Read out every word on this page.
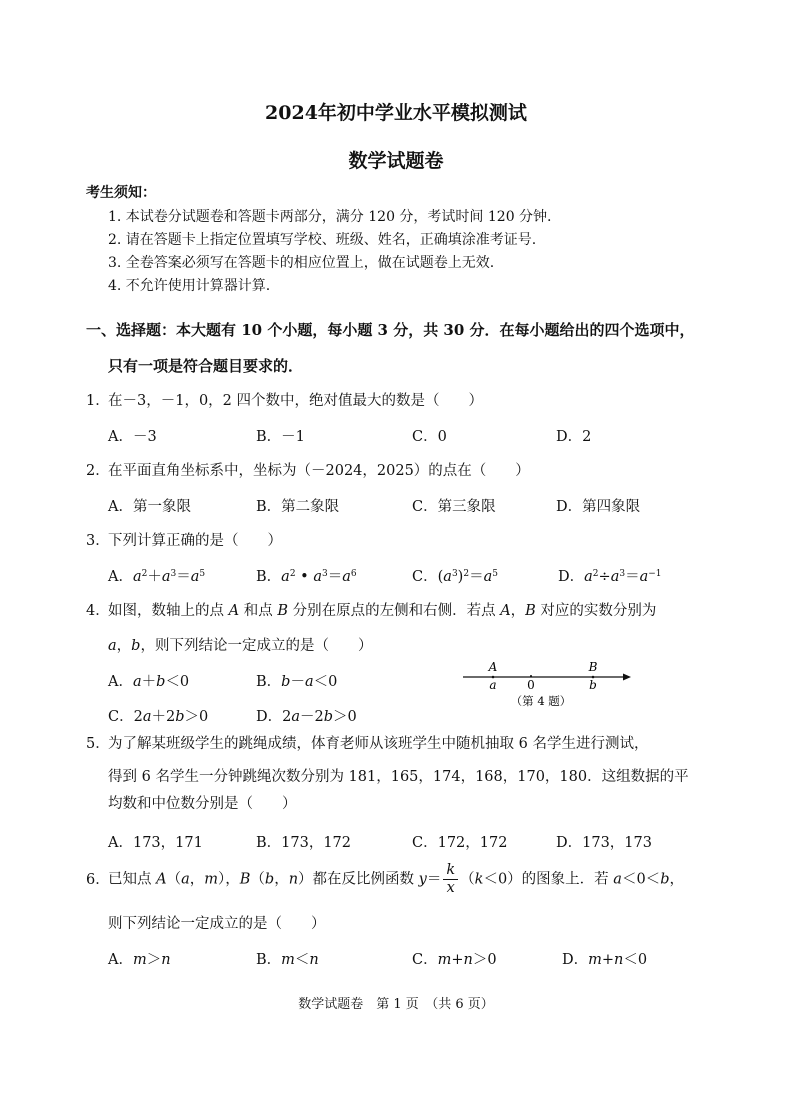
2024年初中学业水平模拟测试
数学试题卷
考生须知：
1. 本试卷分试题卷和答题卡两部分，满分 120 分，考试时间 120 分钟.
2. 请在答题卡上指定位置填写学校、班级、姓名，正确填涂准考证号.
3. 全卷答案必须写在答题卡的相应位置上，做在试题卷上无效.
4. 不允许使用计算器计算.
一、选择题：本大题有 10 个小题，每小题 3 分，共 30 分．在每小题给出的四个选项中，
只有一项是符合题目要求的．
1．在－3，－1，0，2 四个数中，绝对值最大的数是（　　）
A．－3	B．－1	C．0	D．2
2．在平面直角坐标系中，坐标为（－2024，2025）的点在（　　）
A．第一象限	B．第二象限	C．第三象限	D．第四象限
3．下列计算正确的是（　　）
A．$a^2+a^3=a^5$	B．$a^2$ • $a^3=a^6$	C．$(a^3)^2=a^5$	D．$a^2\div a^3=a^{-1}$
4．如图，数轴上的点 A 和点 B 分别在原点的左侧和右侧．若点 A，B 对应的实数分别为
a，b，则下列结论一定成立的是（　　）
A．a＋b＜0	B．b－a＜0
C．2a＋2b＞0	D．2a－2b＞0
A
a	0
B
b
（第 4 题）
5．为了解某班级学生的跳绳成绩，体育老师从该班学生中随机抽取 6 名学生进行测试，
得到 6 名学生一分钟跳绳次数分别为 181，165，174，168，170，180．这组数据的平
均数和中位数分别是（　　）
A．173，171	B．173，172	C．172，172	D．173，173
6．已知点 A（a，m），B（b，n）都在反比例函数 $y= \frac{k}{x} (k<0)$的图象上．若 a＜0＜b，
则下列结论一定成立的是（　　）
A．m＞n	B．m＜n	C．m+n＞0	D．m+n＜0
数学试题卷　第 1 页　（共 6 页）
